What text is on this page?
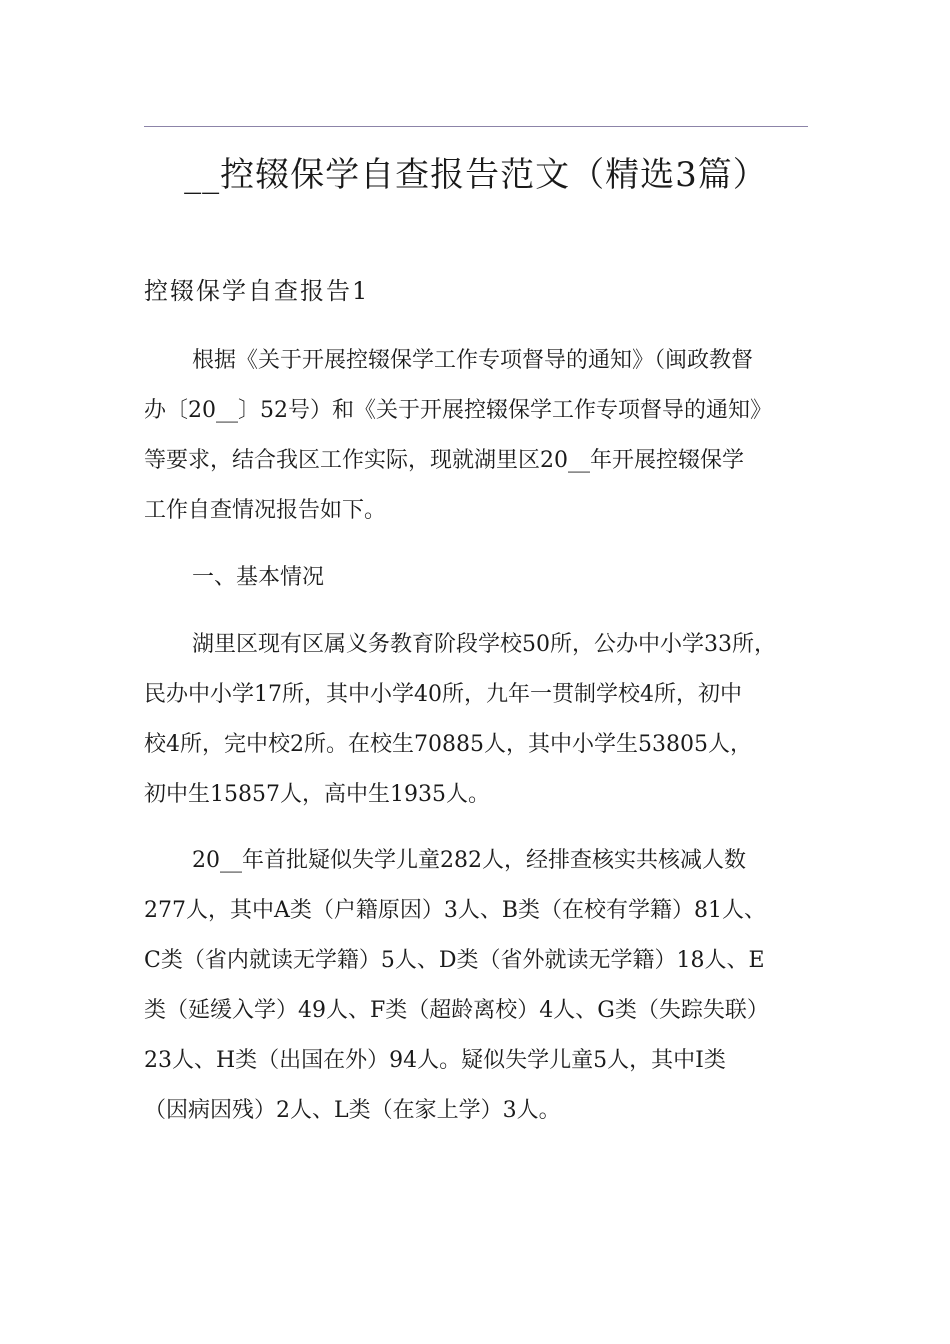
__控辍保学自查报告范文（精选3篇）
控辍保学自查报告1
根据《关于开展控辍保学工作专项督导的通知》（闽政教督
办〔20__〕52号）和《关于开展控辍保学工作专项督导的通知》
等要求，结合我区工作实际，现就湖里区20__年开展控辍保学
工作自查情况报告如下。
一、基本情况
湖里区现有区属义务教育阶段学校50所，公办中小学33所，
民办中小学17所，其中小学40所，九年一贯制学校4所，初中
校4所，完中校2所。在校生70885人，其中小学生53805人，
初中生15857人，高中生1935人。
20__年首批疑似失学儿童282人，经排查核实共核减人数
277人，其中A类（户籍原因）3人、B类（在校有学籍）81人、
C类（省内就读无学籍）5人、D类（省外就读无学籍）18人、E
类（延缓入学）49人、F类（超龄离校）4人、G类（失踪失联）
23人、H类（出国在外）94人。疑似失学儿童5人，其中I类
（因病因残）2人、L类（在家上学）3人。
